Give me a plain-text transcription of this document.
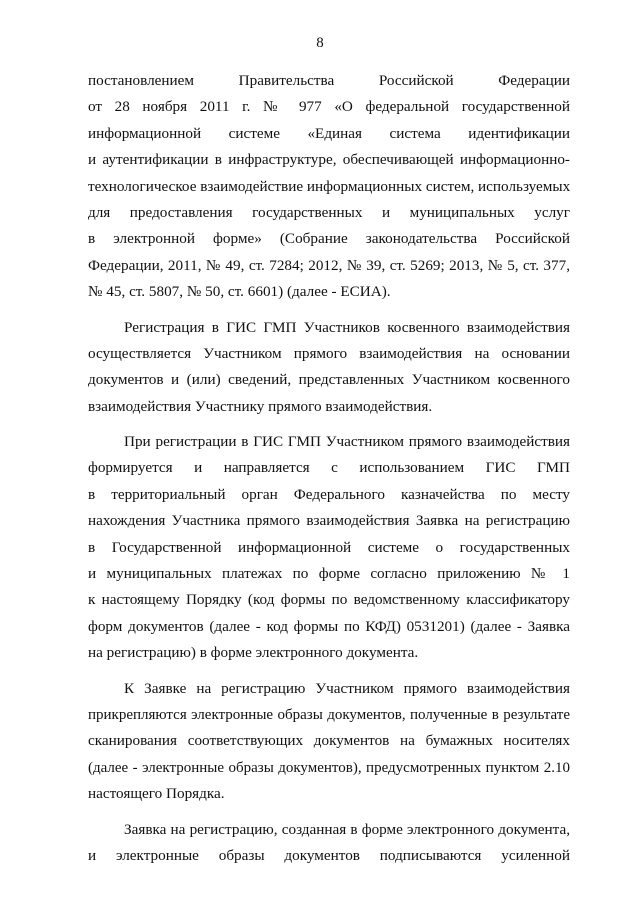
8
постановлением Правительства Российской Федерации
от 28 ноября 2011 г. № 977 «О федеральной государственной
информационной системе «Единая система идентификации
и аутентификации в инфраструктуре, обеспечивающей информационно-
технологическое взаимодействие информационных систем, используемых
для предоставления государственных и муниципальных услуг
в электронной форме» (Собрание законодательства Российской
Федерации, 2011, № 49, ст. 7284; 2012, № 39, ст. 5269; 2013, № 5, ст. 377,
№ 45, ст. 5807, № 50, ст. 6601) (далее - ЕСИА).
Регистрация в ГИС ГМП Участников косвенного взаимодействия
осуществляется Участником прямого взаимодействия на основании
документов и (или) сведений, представленных Участником косвенного
взаимодействия Участнику прямого взаимодействия.
При регистрации в ГИС ГМП Участником прямого взаимодействия
формируется и направляется с использованием ГИС ГМП
в территориальный орган Федерального казначейства по месту
нахождения Участника прямого взаимодействия Заявка на регистрацию
в Государственной информационной системе о государственных
и муниципальных платежах по форме согласно приложению № 1
к настоящему Порядку (код формы по ведомственному классификатору
форм документов (далее - код формы по КФД) 0531201) (далее - Заявка
на регистрацию) в форме электронного документа.
К Заявке на регистрацию Участником прямого взаимодействия
прикрепляются электронные образы документов, полученные в результате
сканирования соответствующих документов на бумажных носителях
(далее - электронные образы документов), предусмотренных пунктом 2.10
настоящего Порядка.
Заявка на регистрацию, созданная в форме электронного документа,
и электронные образы документов подписываются усиленной
